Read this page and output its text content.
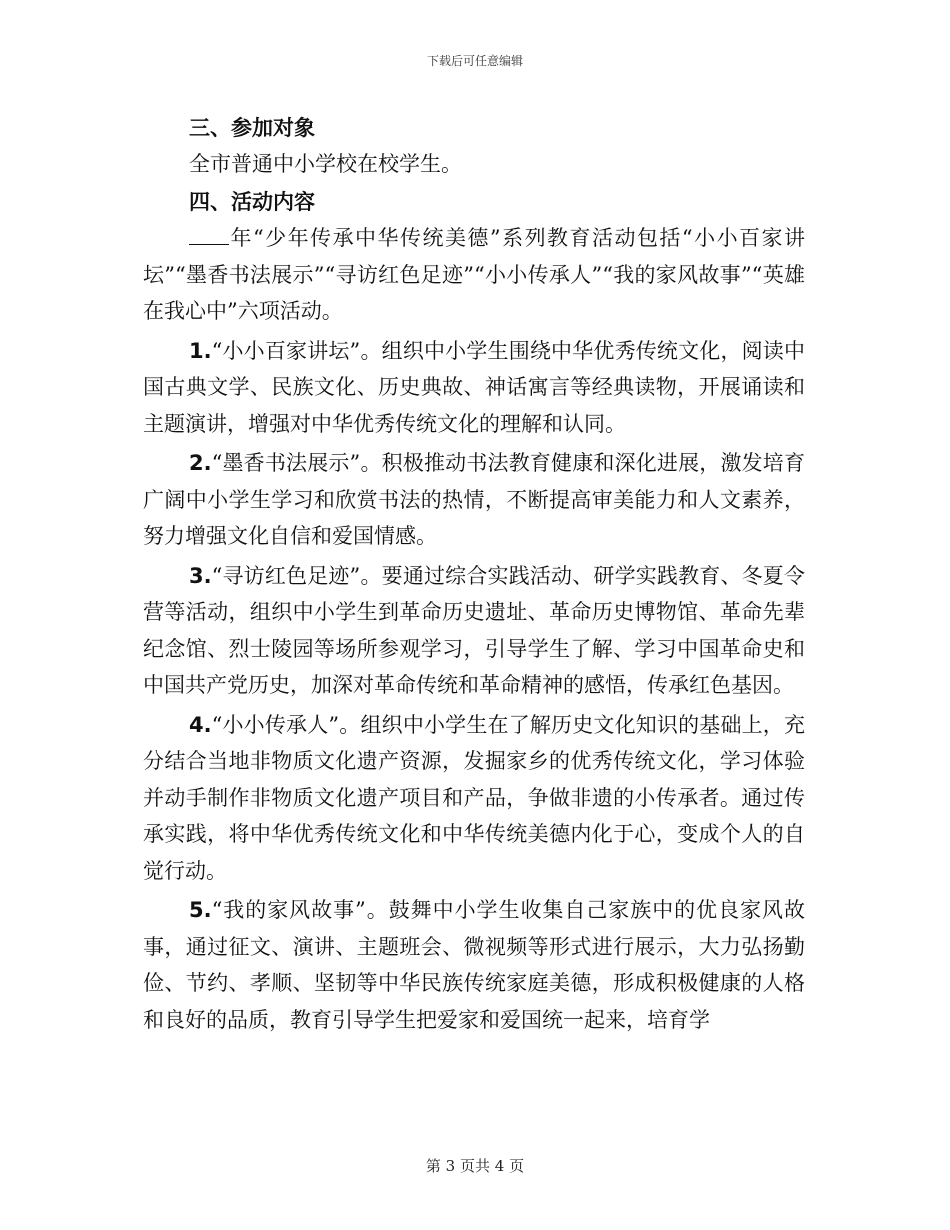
下载后可任意编辑

三、参加对象

全市普通中小学校在校学生。

四、活动内容

年“少年传承中华传统美德”系列教育活动包括“小小百家讲坛”“墨香书法展示”“寻访红色足迹”“小小传承人”“我的家风故事”“英雄在我心中”六项活动。

1.“小小百家讲坛”。组织中小学生围绕中华优秀传统文化，阅读中国古典文学、民族文化、历史典故、神话寓言等经典读物，开展诵读和主题演讲，增强对中华优秀传统文化的理解和认同。

2.“墨香书法展示”。积极推动书法教育健康和深化进展，激发培育广阔中小学生学习和欣赏书法的热情，不断提高审美能力和人文素养，努力增强文化自信和爱国情感。

3.“寻访红色足迹”。要通过综合实践活动、研学实践教育、冬夏令营等活动，组织中小学生到革命历史遗址、革命历史博物馆、革命先辈纪念馆、烈士陵园等场所参观学习，引导学生了解、学习中国革命史和中国共产党历史，加深对革命传统和革命精神的感悟，传承红色基因。

4.“小小传承人”。组织中小学生在了解历史文化知识的基础上，充分结合当地非物质文化遗产资源，发掘家乡的优秀传统文化，学习体验并动手制作非物质文化遗产项目和产品，争做非遗的小传承者。通过传承实践，将中华优秀传统文化和中华传统美德内化于心，变成个人的自觉行动。

5.“我的家风故事”。鼓舞中小学生收集自己家族中的优良家风故事，通过征文、演讲、主题班会、微视频等形式进行展示，大力弘扬勤俭、节约、孝顺、坚韧等中华民族传统家庭美德，形成积极健康的人格和良好的品质，教育引导学生把爱家和爱国统一起来，培育学

第 3 页共 4 页
